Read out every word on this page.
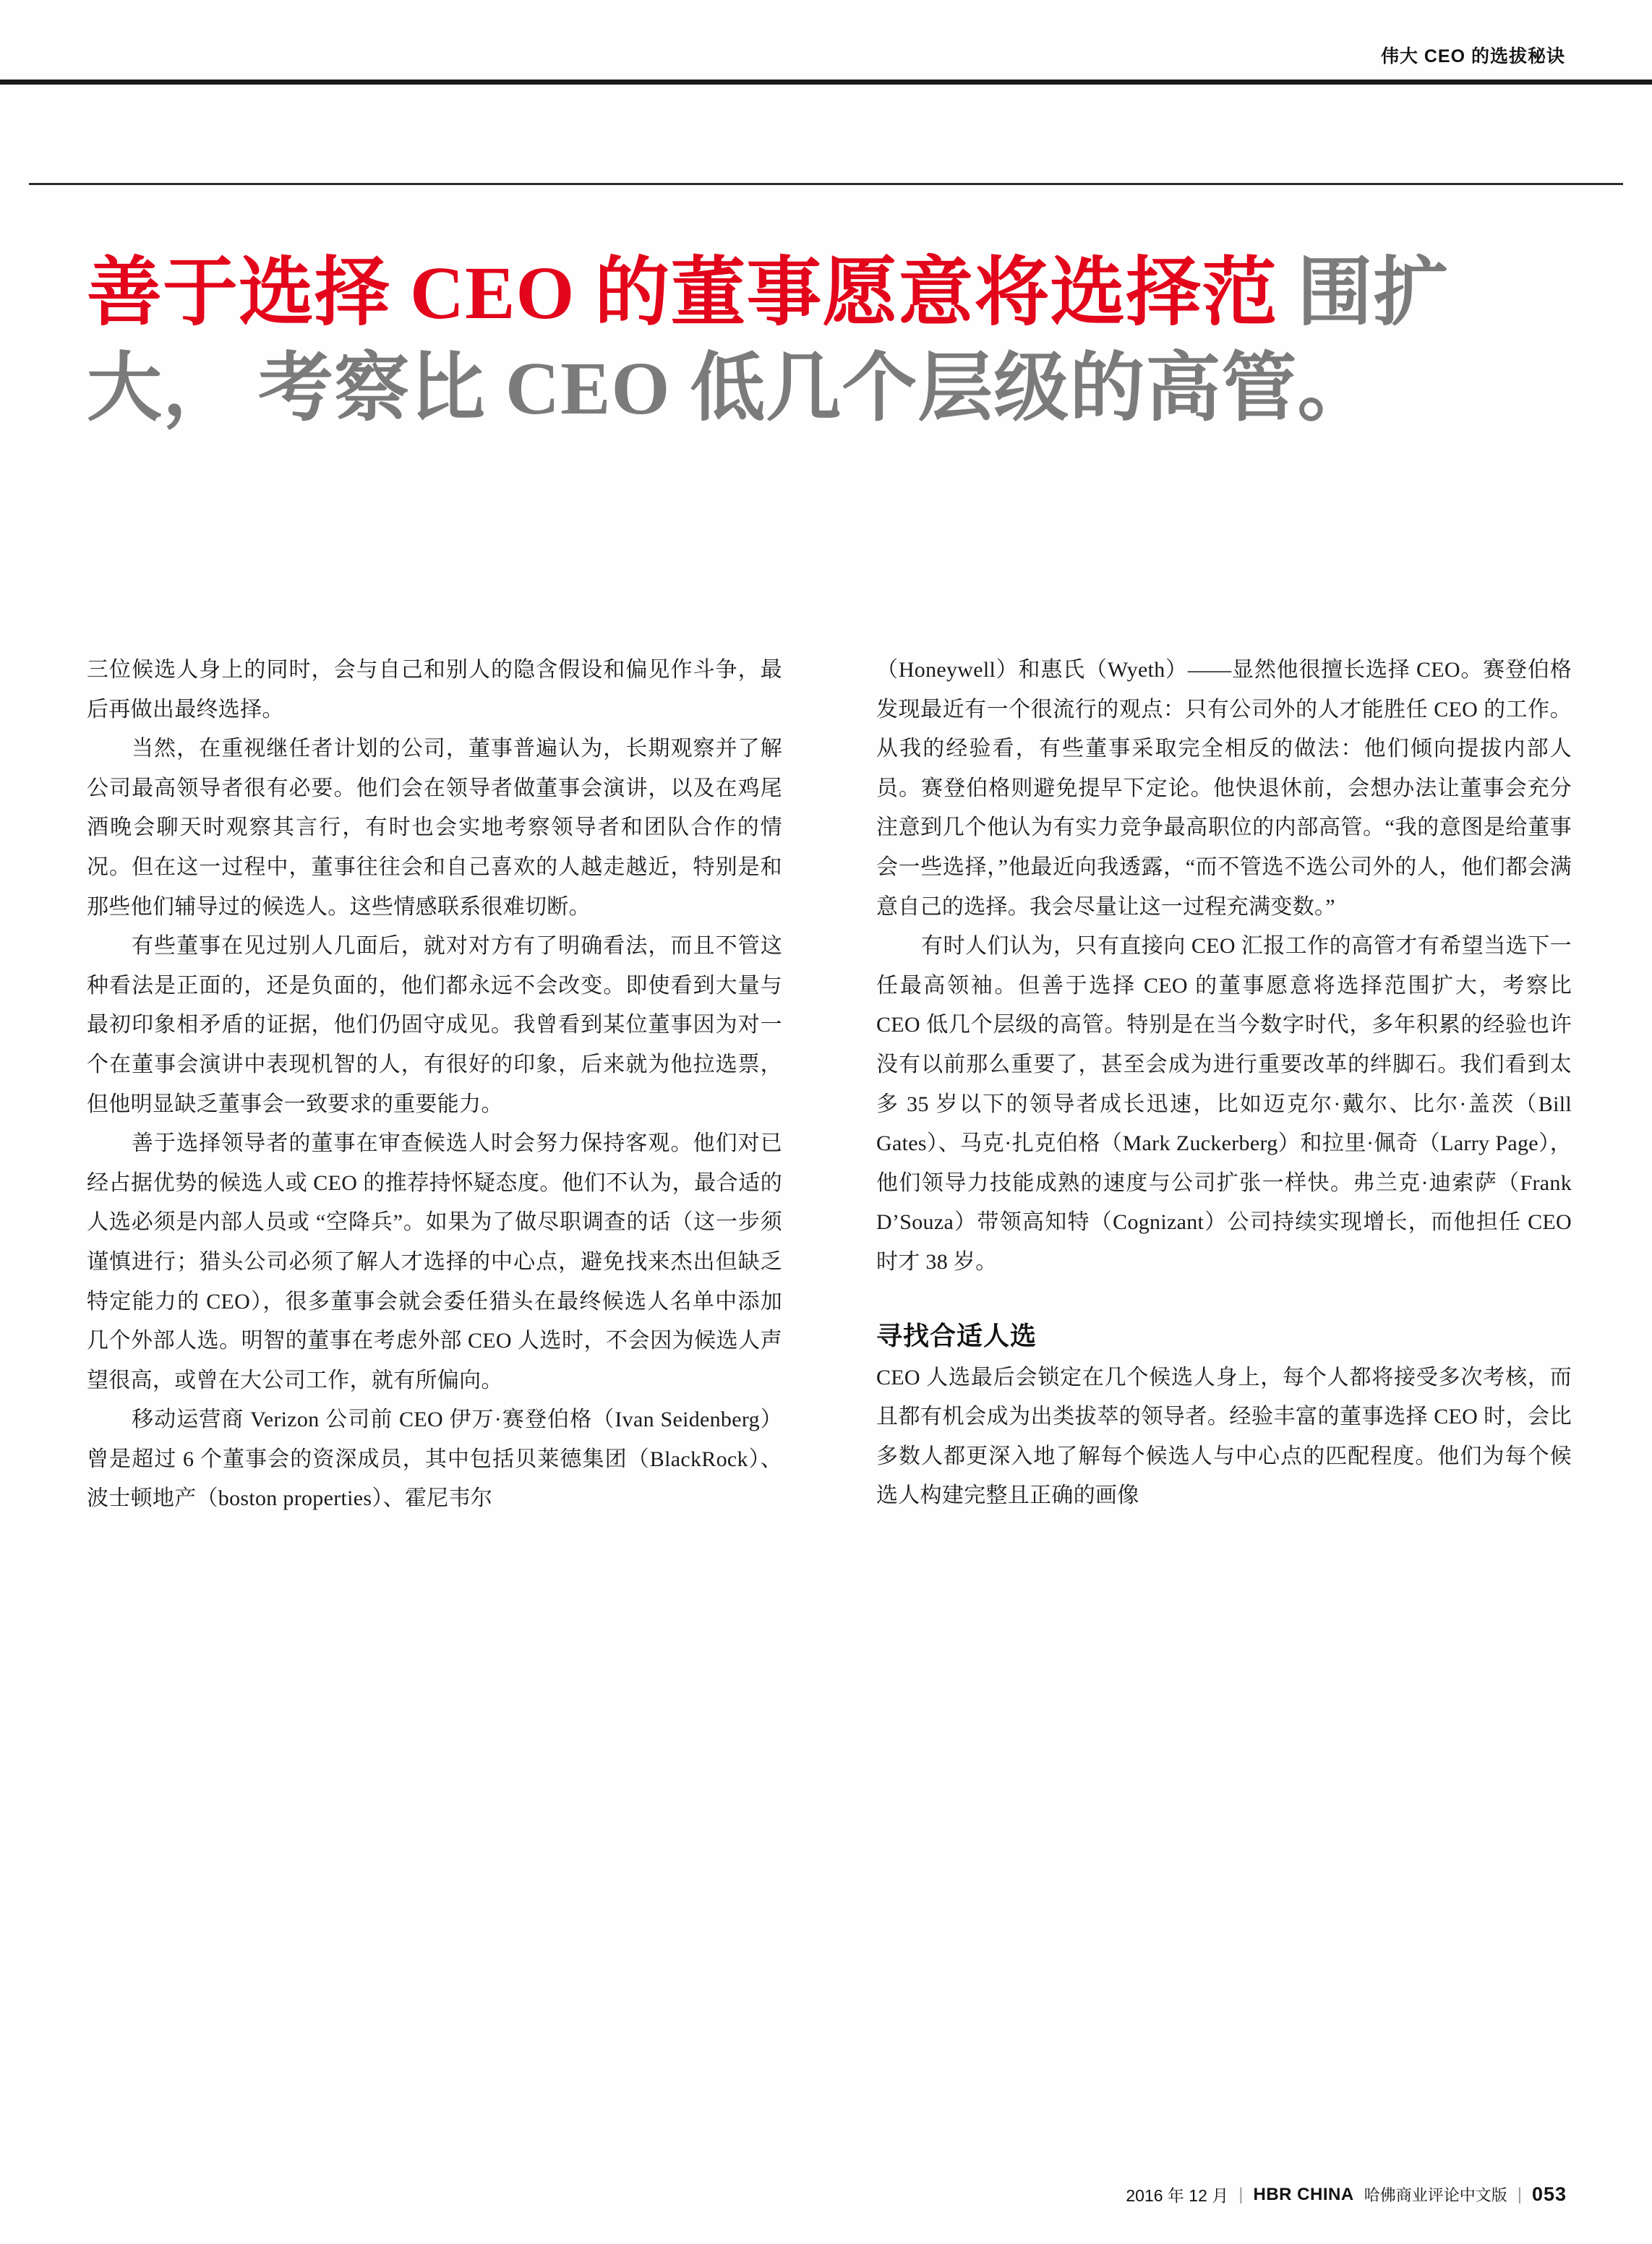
伟大 CEO 的选拔秘诀
善于选择 CEO 的董事愿意将选择范 围扩大， 考察比 CEO 低几个层级的高管。

三位候选人身上的同时，会与自己和别人的隐含假设和偏见作斗争，最后再做出最终选择。

当然，在重视继任者计划的公司，董事普遍认为，长期观察并了解公司最高领导者很有必要。他们会在领导者做董事会演讲，以及在鸡尾酒晚会聊天时观察其言行，有时也会实地考察领导者和团队合作的情况。但在这一过程中，董事往往会和自己喜欢的人越走越近，特别是和那些他们辅导过的候选人。这些情感联系很难切断。

有些董事在见过别人几面后，就对对方有了明确看法，而且不管这种看法是正面的，还是负面的，他们都永远不会改变。即使看到大量与最初印象相矛盾的证据，他们仍固守成见。我曾看到某位董事因为对一个在董事会演讲中表现机智的人，有很好的印象，后来就为他拉选票，但他明显缺乏董事会一致要求的重要能力。

善于选择领导者的董事在审查候选人时会努力保持客观。他们对已经占据优势的候选人或 CEO 的推荐持怀疑态度。他们不认为，最合适的人选必须是内部人员或 “空降兵”。如果为了做尽职调查的话（这一步须谨慎进行；猎头公司必须了解人才选择的中心点，避免找来杰出但缺乏特定能力的 CEO），很多董事会就会委任猎头在最终候选人名单中添加几个外部人选。明智的董事在考虑外部 CEO 人选时，不会因为候选人声望很高，或曾在大公司工作，就有所偏向。

移动运营商 Verizon 公司前 CEO 伊万·赛登伯格（Ivan Seidenberg）曾是超过 6 个董事会的资深成员，其中包括贝莱德集团（BlackRock）、波士顿地产（boston properties）、霍尼韦尔

（Honeywell）和惠氏（Wyeth）——显然他很擅长选择 CEO。赛登伯格发现最近有一个很流行的观点：只有公司外的人才能胜任 CEO 的工作。从我的经验看，有些董事采取完全相反的做法：他们倾向提拔内部人员。赛登伯格则避免提早下定论。他快退休前，会想办法让董事会充分注意到几个他认为有实力竞争最高职位的内部高管。“我的意图是给董事会一些选择，”他最近向我透露，“而不管选不选公司外的人，他们都会满意自己的选择。我会尽量让这一过程充满变数。”

有时人们认为，只有直接向 CEO 汇报工作的高管才有希望当选下一任最高领袖。但善于选择 CEO 的董事愿意将选择范围扩大，考察比 CEO 低几个层级的高管。特别是在当今数字时代，多年积累的经验也许没有以前那么重要了，甚至会成为进行重要改革的绊脚石。我们看到太多 35 岁以下的领导者成长迅速，比如迈克尔·戴尔、比尔·盖茨（Bill Gates）、马克·扎克伯格（Mark Zuckerberg）和拉里·佩奇（Larry Page），他们领导力技能成熟的速度与公司扩张一样快。弗兰克·迪索萨（Frank D’Souza）带领高知特（Cognizant）公司持续实现增长，而他担任 CEO 时才 38 岁。

寻找合适人选

CEO 人选最后会锁定在几个候选人身上，每个人都将接受多次考核，而且都有机会成为出类拔萃的领导者。经验丰富的董事选择 CEO 时，会比多数人都更深入地了解每个候选人与中心点的匹配程度。他们为每个候选人构建完整且正确的画像

2016 年 12 月 | HBR CHINA 哈佛商业评论中文版 | 053
